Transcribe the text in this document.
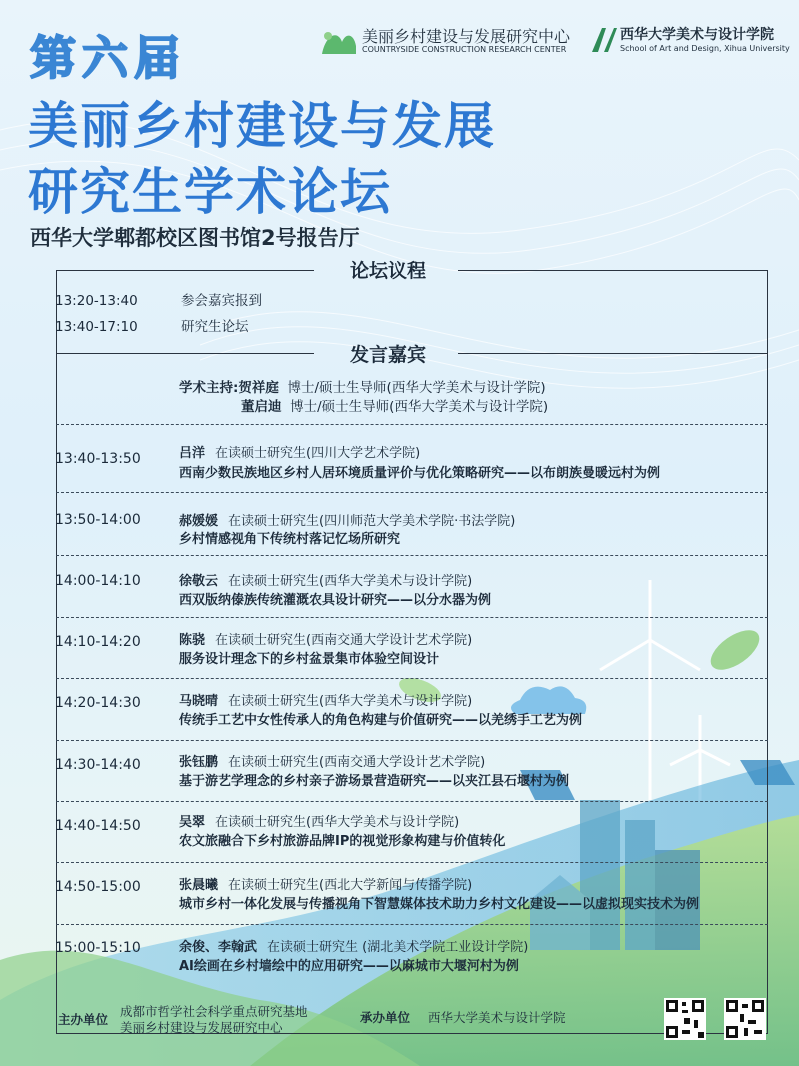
第六届
美丽乡村建设与发展
研究生学术论坛
西华大学郫都校区图书馆2号报告厅
美丽乡村建设与发展研究中心
COUNTRYSIDE CONSTRUCTION RESEARCH CENTER
西华大学美术与设计学院
School of Art and Design, Xihua University
论坛议程
13:20-13:40	参会嘉宾报到
13:40-17:10	研究生论坛
发言嘉宾
学术主持:贺祥庭 博士/硕士生导师(西华大学美术与设计学院)
董启迪 博士/硕士生导师(西华大学美术与设计学院)
13:40-13:50	吕洋 在读硕士研究生(四川大学艺术学院)
西南少数民族地区乡村人居环境质量评价与优化策略研究——以布朗族曼暖远村为例
13:50-14:00	郝媛媛 在读硕士研究生(四川师范大学美术学院·书法学院)
乡村情感视角下传统村落记忆场所研究
14:00-14:10	徐敬云 在读硕士研究生(西华大学美术与设计学院)
西双版纳傣族传统灌溉农具设计研究——以分水器为例
14:10-14:20	陈骁 在读硕士研究生(西南交通大学设计艺术学院)
服务设计理念下的乡村盆景集市体验空间设计
14:20-14:30	马晓晴 在读硕士研究生(西华大学美术与设计学院)
传统手工艺中女性传承人的角色构建与价值研究——以羌绣手工艺为例
14:30-14:40	张钰鹏 在读硕士研究生(西南交通大学设计艺术学院)
基于游艺学理念的乡村亲子游场景营造研究——以夹江县石堰村为例
14:40-14:50	吴翠 在读硕士研究生(西华大学美术与设计学院)
农文旅融合下乡村旅游品牌IP的视觉形象构建与价值转化
14:50-15:00	张晨曦 在读硕士研究生(西北大学新闻与传播学院)
城市乡村一体化发展与传播视角下智慧媒体技术助力乡村文化建设——以虚拟现实技术为例
15:00-15:10	余俊、李翰武 在读硕士研究生 (湖北美术学院工业设计学院)
AI绘画在乡村墙绘中的应用研究——以麻城市大堰河村为例
主办单位
成都市哲学社会科学重点研究基地
美丽乡村建设与发展研究中心
承办单位 西华大学美术与设计学院
